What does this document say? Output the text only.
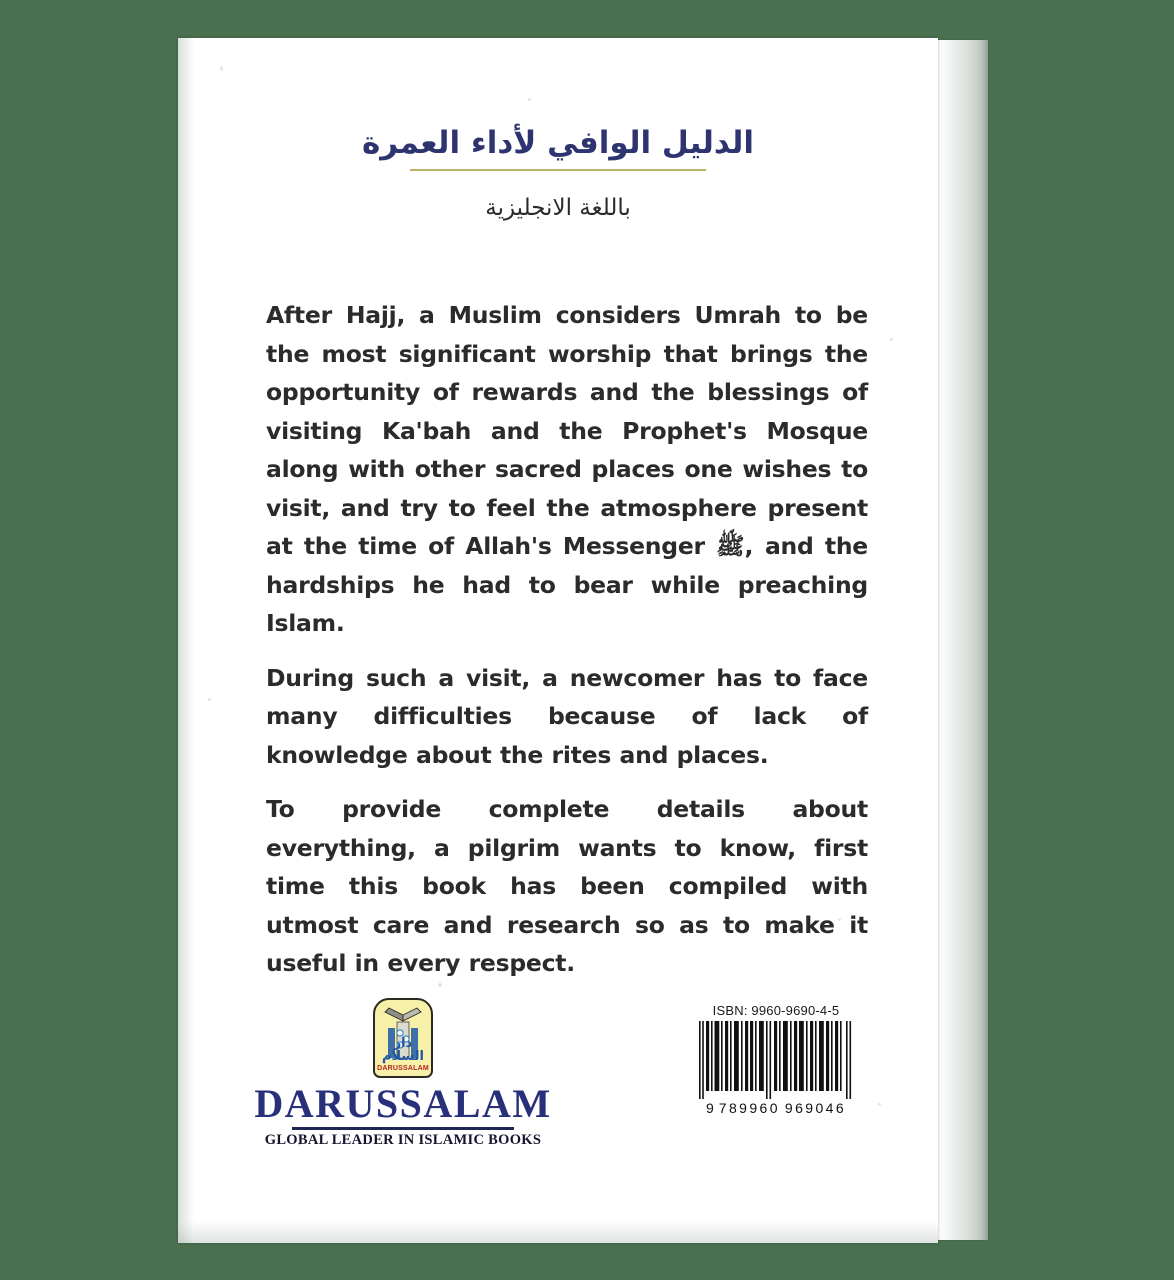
الدليل الوافي لأداء العمرة
باللغة الانجليزية

After Hajj, a Muslim considers Umrah to be the most significant worship that brings the opportunity of rewards and the blessings of visiting Ka'bah and the Prophet's Mosque along with other sacred places one wishes to visit, and try to feel the atmosphere present at the time of Allah's Messenger ﷺ, and the hardships he had to bear while preaching Islam.

During such a visit, a newcomer has to face many difficulties because of lack of knowledge about the rites and places.

To provide complete details about everything, a pilgrim wants to know, first time this book has been compiled with utmost care and research so as to make it useful in every respect.

دار السلام
DARUSSALAM
DARUSSALAM
GLOBAL LEADER IN ISLAMIC BOOKS
ISBN: 9960-9690-4-5
9 789960 969046
